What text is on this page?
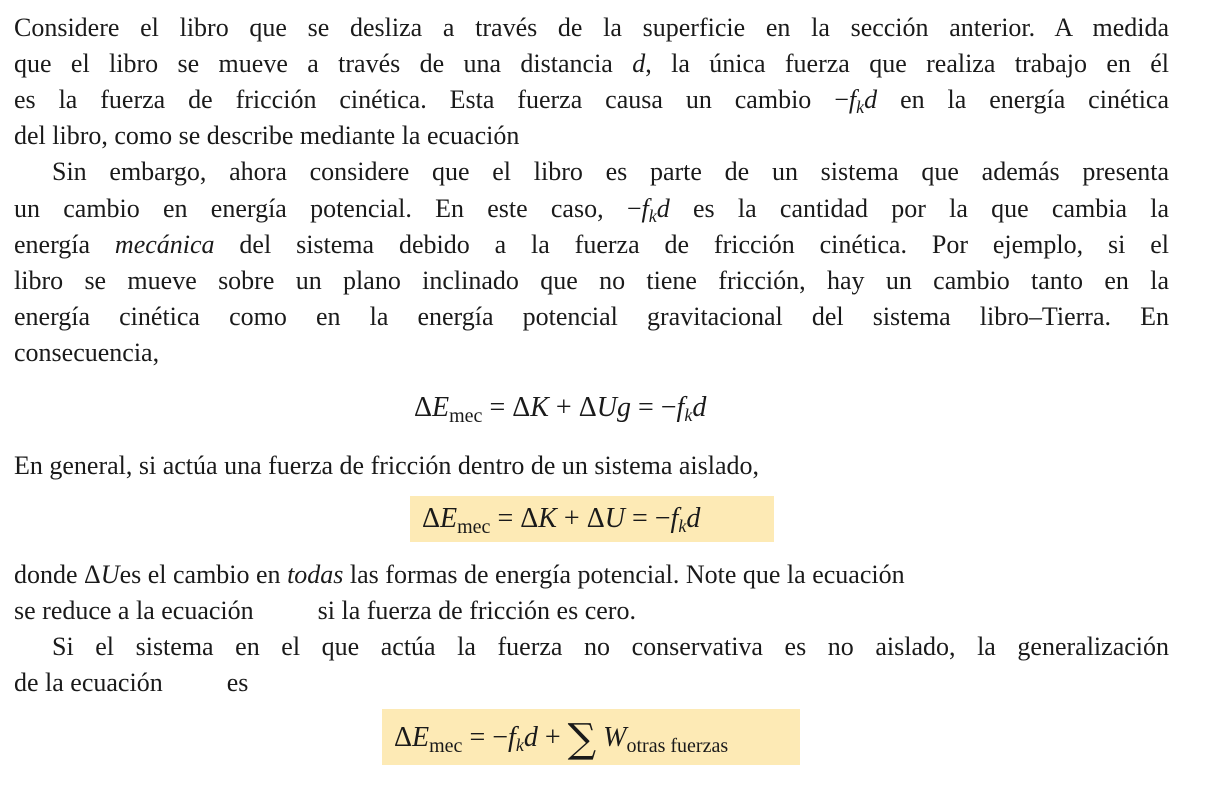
Considere el libro que se desliza a través de la superficie en la sección anterior. A medida
que el libro se mueve a través de una distancia d, la única fuerza que realiza trabajo en él
es la fuerza de fricción cinética. Esta fuerza causa un cambio $-f_kd$ en la energía cinética
del libro, como se describe mediante la ecuación
Sin embargo, ahora considere que el libro es parte de un sistema que además presenta
un cambio en energía potencial. En este caso, $-f_kd$ es la cantidad por la que cambia la
energía mecánica del sistema debido a la fuerza de fricción cinética. Por ejemplo, si el
libro se mueve sobre un plano inclinado que no tiene fricción, hay un cambio tanto en la
energía cinética como en la energía potencial gravitacional del sistema libro–Tierra. En
consecuencia,
$\Delta E_{mec} = \Delta K + \Delta Ug = -f_kd$
En general, si actúa una fuerza de fricción dentro de un sistema aislado,
$\Delta E_{mec} = \Delta K + \Delta U = -f_kd$
donde ΔUes el cambio en todas las formas de energía potencial. Note que la ecuación
se reduce a la ecuación si la fuerza de fricción es cero.
Si el sistema en el que actúa la fuerza no conservativa es no aislado, la generalización
de la ecuación es
$\Delta E_{mec} = -f_kd$ + ∑ $W_{otras fuerzas}$
